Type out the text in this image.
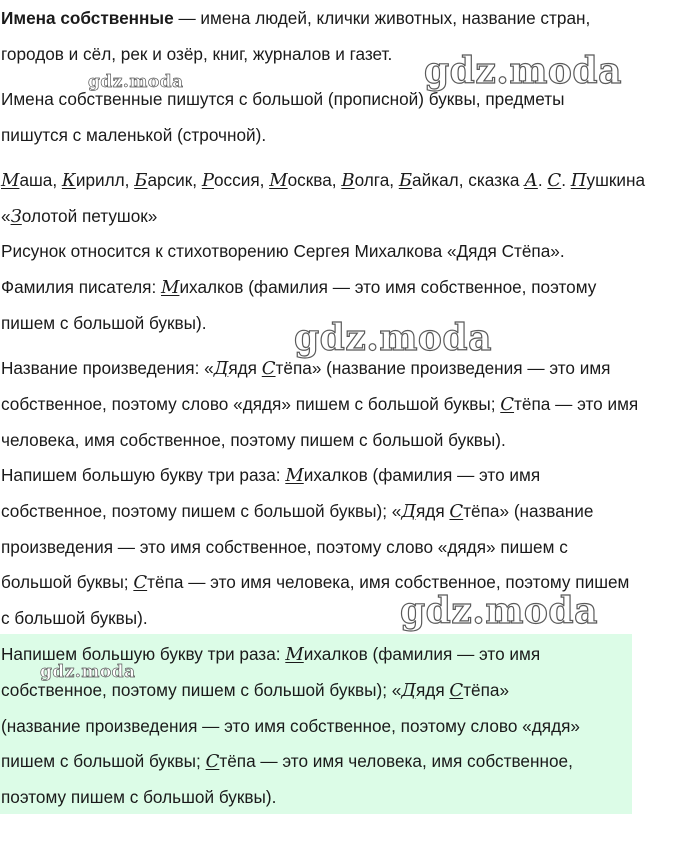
Имена собственные — имена людей, клички животных, название стран,
городов и сёл, рек и озёр, книг, журналов и газет.
Имена собственные пишутся с большой (прописной) буквы, предметы
пишутся с маленькой (строчной).
Маша, Кирилл, Барсик, Россия, Москва, Волга, Байкал, сказка А. С. Пушкина
«Золотой петушок»
Рисунок относится к стихотворению Сергея Михалкова «Дядя Стёпа».
Фамилия писателя: Михалков (фамилия — это имя собственное, поэтому
пишем с большой буквы).
Название произведения: «Дядя Стёпа» (название произведения — это имя
собственное, поэтому слово «дядя» пишем с большой буквы; Стёпа — это имя
человека, имя собственное, поэтому пишем с большой буквы).
Напишем большую букву три раза: Михалков (фамилия — это имя
собственное, поэтому пишем с большой буквы); «Дядя Стёпа» (название
произведения — это имя собственное, поэтому слово «дядя» пишем с
большой буквы; Стёпа — это имя человека, имя собственное, поэтому пишем
с большой буквы).
Напишем большую букву три раза: Михалков (фамилия — это имя
собственное, поэтому пишем с большой буквы); «Дядя Стёпа»
(название произведения — это имя собственное, поэтому слово «дядя»
пишем с большой буквы; Стёпа — это имя человека, имя собственное,
поэтому пишем с большой буквы).
gdz.moda	gdz.moda
gdz.moda
gdz.moda
gdz.moda
